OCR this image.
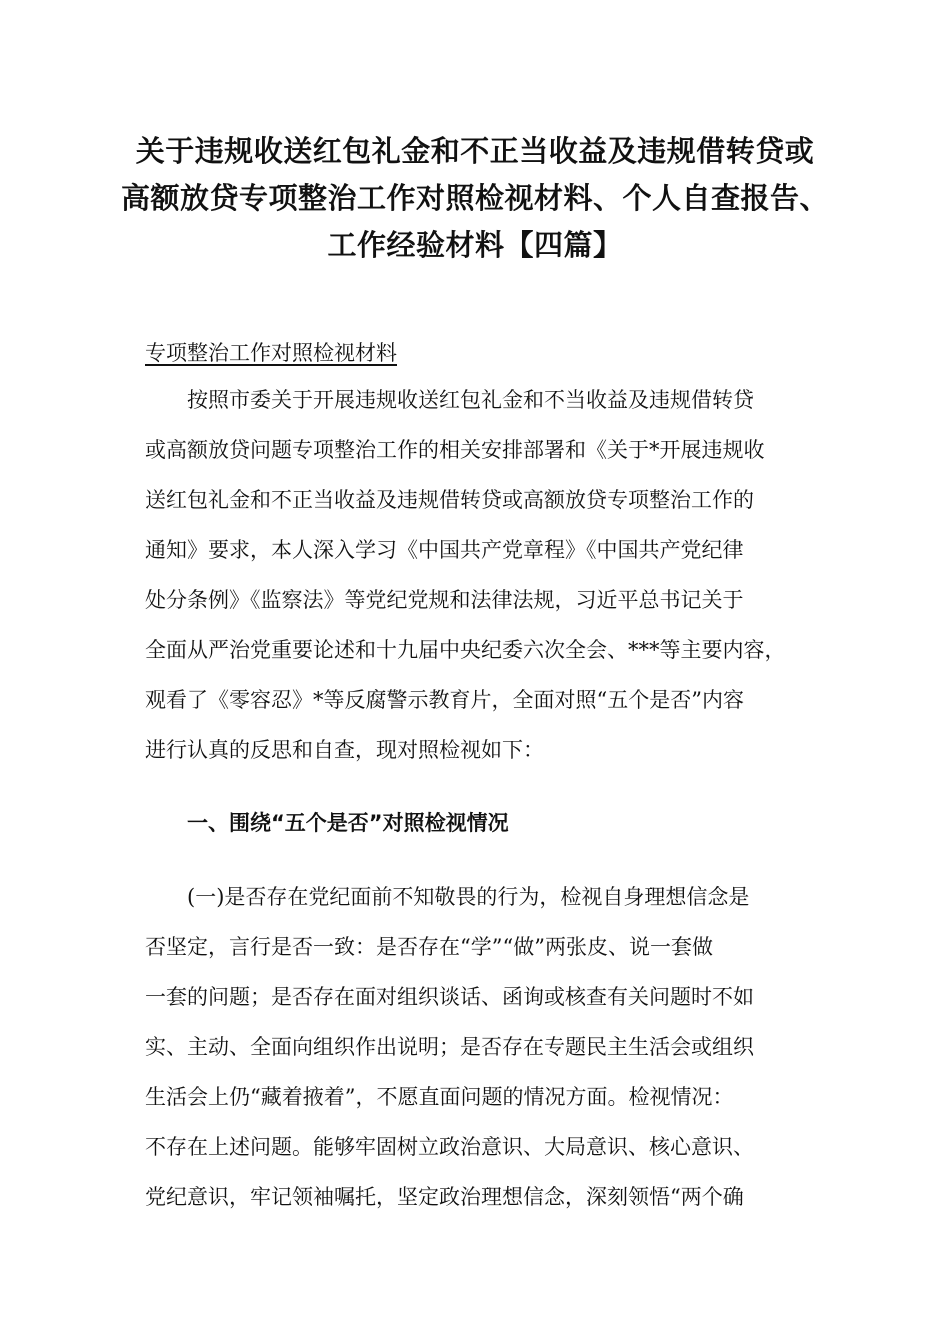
关于违规收送红包礼金和不正当收益及违规借转贷或
高额放贷专项整治工作对照检视材料、个人自查报告、
工作经验材料【四篇】
专项整治工作对照检视材料
按照市委关于开展违规收送红包礼金和不当收益及违规借转贷
或高额放贷问题专项整治工作的相关安排部署和《关于*开展违规收
送红包礼金和不正当收益及违规借转贷或高额放贷专项整治工作的
通知》要求，本人深入学习《中国共产党章程》《中国共产党纪律
处分条例》《监察法》等党纪党规和法律法规，习近平总书记关于
全面从严治党重要论述和十九届中央纪委六次全会、***等主要内容，
观看了《零容忍》*等反腐警示教育片，全面对照“五个是否”内容
进行认真的反思和自查，现对照检视如下：
一、围绕“五个是否”对照检视情况
(一)是否存在党纪面前不知敬畏的行为，检视自身理想信念是
否坚定，言行是否一致：是否存在“学”“做”两张皮、说一套做
一套的问题；是否存在面对组织谈话、函询或核查有关问题时不如
实、主动、全面向组织作出说明；是否存在专题民主生活会或组织
生活会上仍“藏着掖着”，不愿直面问题的情况方面。检视情况：
不存在上述问题。能够牢固树立政治意识、大局意识、核心意识、
党纪意识，牢记领袖嘱托，坚定政治理想信念，深刻领悟“两个确
